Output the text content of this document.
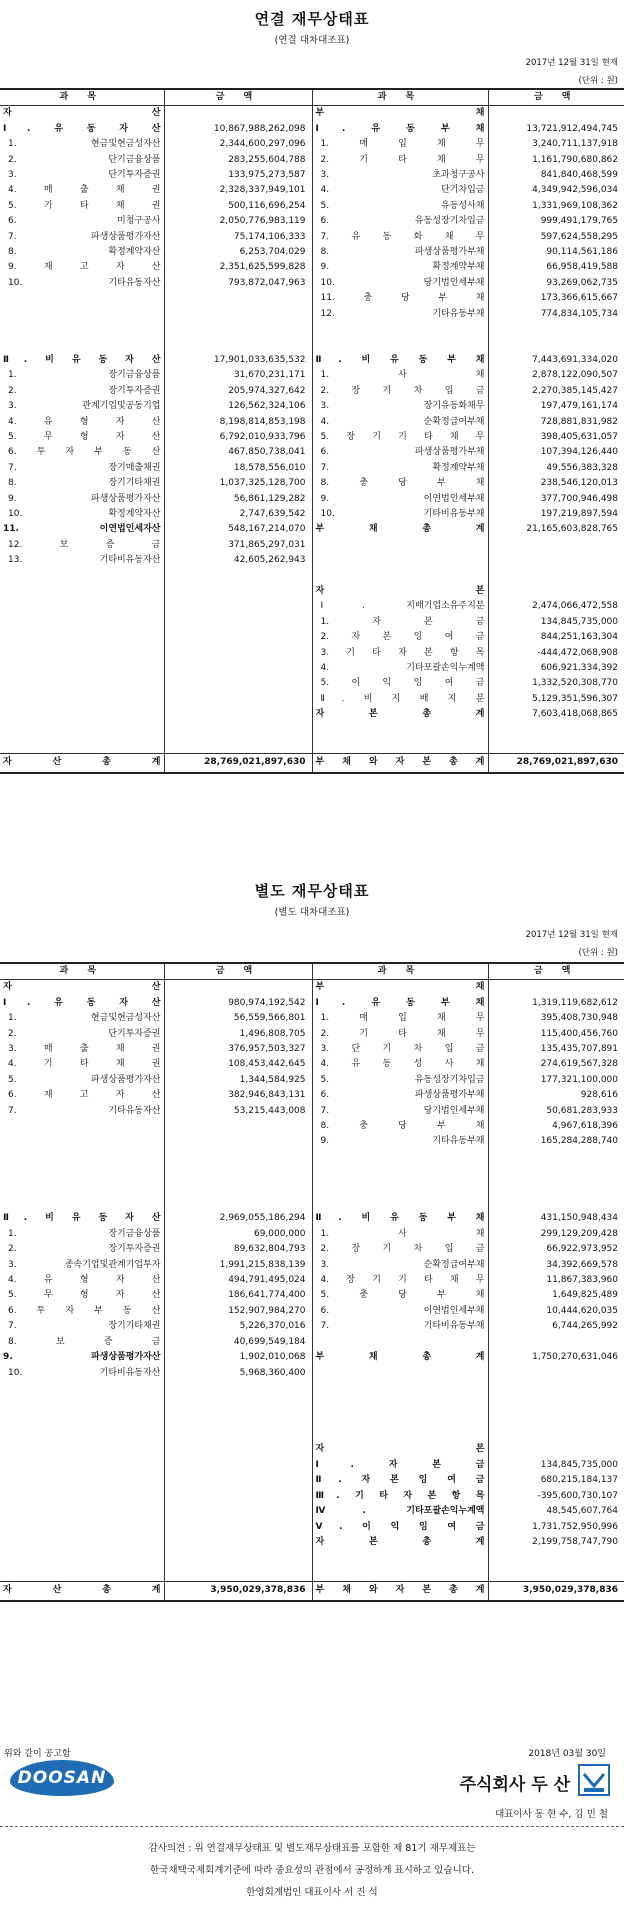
연결 재무상태표
(연결 대차대조표)
2017년 12월 31일 현재
(단위 : 원)
과 목	금 액	과 목	금 액
자 산		부 채	
Ⅰ. 유 동 자 산	10,867,988,262,098	Ⅰ. 유 동 부 채	13,721,912,494,745
1. 현금및현금성자산	2,344,600,297,096	1. 매 입 채 무	3,240,711,137,918
2. 단기금융상품	283,255,604,788	2. 기 타 채 무	1,161,790,680,862
3. 단기투자증권	133,975,273,587	3. 초과청구공사	841,840,468,599
4. 매 출 채 권	2,328,337,949,101	4. 단기차입금	4,349,942,596,034
5. 기 타 채 권	500,116,696,254	5. 유동성사채	1,331,969,108,362
6. 미청구공사	2,050,776,983,119	6. 유동성장기차입금	999,491,179,765
7. 파생상품평가자산	75,174,106,333	7. 유 동 화 채 무	597,624,558,295
8. 확정계약자산	6,253,704,029	8. 파생상품평가부채	90,114,561,186
9. 재 고 자 산	2,351,625,599,828	9. 확정계약부채	66,958,419,588
10. 기타유동자산	793,872,047,963	10. 당기법인세부채	93,269,062,735
		11. 충 당 부 채	173,366,615,667
		12. 기타유동부채	774,834,105,734

Ⅱ. 비 유 동 자 산	17,901,033,635,532	Ⅱ. 비 유 동 부 채	7,443,691,334,020
1. 장기금융상품	31,670,231,171	1. 사 채	2,878,122,090,507
2. 장기투자증권	205,974,327,642	2. 장 기 차 입 금	2,270,385,145,427
3. 관계기업및공동기업	126,562,324,106	3. 장기유동화채무	197,479,161,174
4. 유 형 자 산	8,198,814,853,198	4. 순확정급여부채	728,881,831,982
5. 무 형 자 산	6,792,010,933,796	5. 장 기 기 타 채 무	398,405,631,057
6. 투 자 부 동 산	467,850,738,041	6. 파생상품평가부채	107,394,126,440
7. 장기매출채권	18,578,556,010	7. 확정계약부채	49,556,383,328
8. 장기기타채권	1,037,325,128,700	8. 충 당 부 채	238,546,120,013
9. 파생상품평가자산	56,861,129,282	9. 이연법인세부채	377,700,946,498
10. 확정계약자산	2,747,639,542	10. 기타비유동부채	197,219,897,594
11. 이연법인세자산	548,167,214,070	부 채 총 계	21,165,603,828,765
12. 보 증 금	371,865,297,031		
13. 기타비유동자산	42,605,262,943		

		자 본	
		Ⅰ. 지배기업소유주지분	2,474,066,472,558
		1. 자 본 금	134,845,735,000
		2. 자 본 잉 여 금	844,251,163,304
		3. 기 타 자 본 항 목	-444,472,068,908
		4. 기타포괄손익누계액	606,921,334,392
		5. 이 익 잉 여 금	1,332,520,308,770
		Ⅱ. 비 지 배 지 분	5,129,351,596,307
		자 본 총 계	7,603,418,068,865

자 산 총 계	28,769,021,897,630	부 채 와 자 본 총 계	28,769,021,897,630
별도 재무상태표
(별도 대차대조표)
2017년 12월 31일 현재
(단위 : 원)
과 목	금 액	과 목	금 액
자 산		부 채	
Ⅰ. 유 동 자 산	980,974,192,542	Ⅰ. 유 동 부 채	1,319,119,682,612
1. 현금및현금성자산	56,559,566,801	1. 매 입 채 무	395,408,730,948
2. 단기투자증권	1,496,808,705	2. 기 타 채 무	115,400,456,760
3. 매 출 채 권	376,957,503,327	3. 단 기 차 입 금	135,435,707,891
4. 기 타 채 권	108,453,442,645	4. 유 동 성 사 채	274,619,567,328
5. 파생상품평가자산	1,344,584,925	5. 유동성장기차입금	177,321,100,000
6. 재 고 자 산	382,946,843,131	6. 파생상품평가부채	928,616
7. 기타유동자산	53,215,443,008	7. 당기법인세부채	50,681,283,933
		8. 충 당 부 채	4,967,618,396
		9. 기타유동부채	165,284,288,740

Ⅱ. 비 유 동 자 산	2,969,055,186,294	Ⅱ. 비 유 동 부 채	431,150,948,434
1. 장기금융상품	69,000,000	1. 사 채	299,129,209,428
2. 장기투자증권	89,632,804,793	2. 장 기 차 입 금	66,922,973,952
3. 종속기업및관계기업투자	1,991,215,838,139	3. 순확정급여부채	34,392,669,578
4. 유 형 자 산	494,791,495,024	4. 장 기 기 타 채 무	11,867,383,960
5. 무 형 자 산	186,641,774,400	5. 충 당 부 채	1,649,825,489
6. 투 자 부 동 산	152,907,984,270	6. 이연법인세부채	10,444,620,035
7. 장기기타채권	5,226,370,016	7. 기타비유동부채	6,744,265,992
8. 보 증 금	40,699,549,184		
9. 파생상품평가자산	1,902,010,068	부 채 총 계	1,750,270,631,046
10. 기타비유동자산	5,968,360,400		

		자 본	
		Ⅰ. 자 본 금	134,845,735,000
		Ⅱ. 자 본 잉 여 금	680,215,184,137
		Ⅲ. 기 타 자 본 항 목	-395,600,730,107
		Ⅳ. 기타포괄손익누계액	48,545,607,764
		Ⅴ. 이 익 잉 여 금	1,731,752,950,996
		자 본 총 계	2,199,758,747,790

자 산 총 계	3,950,029,378,836	부 채 와 자 본 총 계	3,950,029,378,836
위와 같이 공고함	2018년 03월 30일
DOOSAN	주식회사 두 산
대표이사 동 현 수, 김 민 철
감사의견 : 위 연결재무상태표 및 별도재무상태표를 포함한 제 81기 재무제표는
한국채택국제회계기준에 따라 중요성의 관점에서 공정하게 표시하고 있습니다.
한영회계법인 대표이사 서 진 석
